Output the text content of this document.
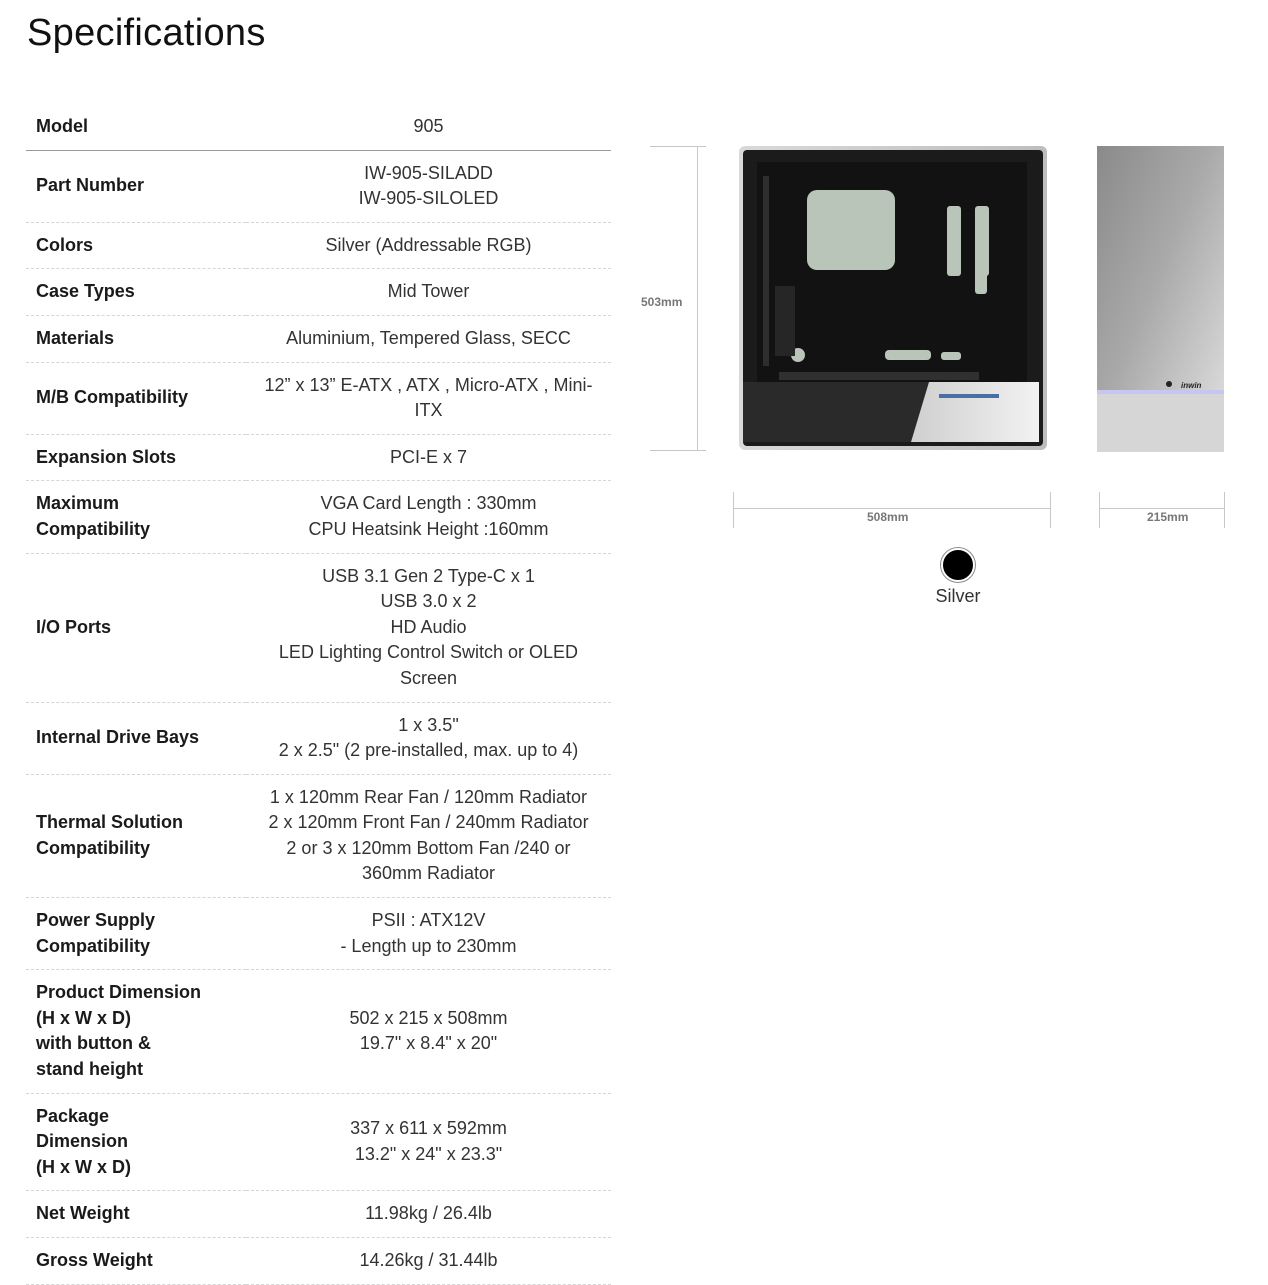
Specifications
Model	905

Part Number	IW-905-SILADD
IW-905-SILOLED

Colors	Silver (Addressable RGB)

Case Types	Mid Tower

Materials	Aluminium, Tempered Glass, SECC

M/B Compatibility	12” x 13” E-ATX , ATX , Micro-ATX , Mini-ITX

Expansion Slots	PCI-E x 7

Maximum
Compatibility	VGA Card Length : 330mm
CPU Heatsink Height :160mm

I/O Ports	USB 3.1 Gen 2 Type-C x 1
USB 3.0 x 2
HD Audio
LED Lighting Control Switch or OLED
Screen

Internal Drive Bays	1 x 3.5"
2 x 2.5" (2 pre-installed, max. up to 4)

Thermal Solution
Compatibility	1 x 120mm Rear Fan / 120mm Radiator
2 x 120mm Front Fan / 240mm Radiator
2 or 3 x 120mm Bottom Fan /240 or
360mm Radiator

Power Supply
Compatibility	PSII : ATX12V
- Length up to 230mm

Product Dimension
(H x W x D)
with button &
stand height	502 x 215 x 508mm
19.7" x 8.4" x 20"

Package
Dimension
(H x W x D)	337 x 611 x 592mm
13.2" x 24" x 23.3"

Net Weight	11.98kg / 26.4lb

Gross Weight	14.26kg / 31.44lb
503mm
508mm	215mm
inwin
Silver
